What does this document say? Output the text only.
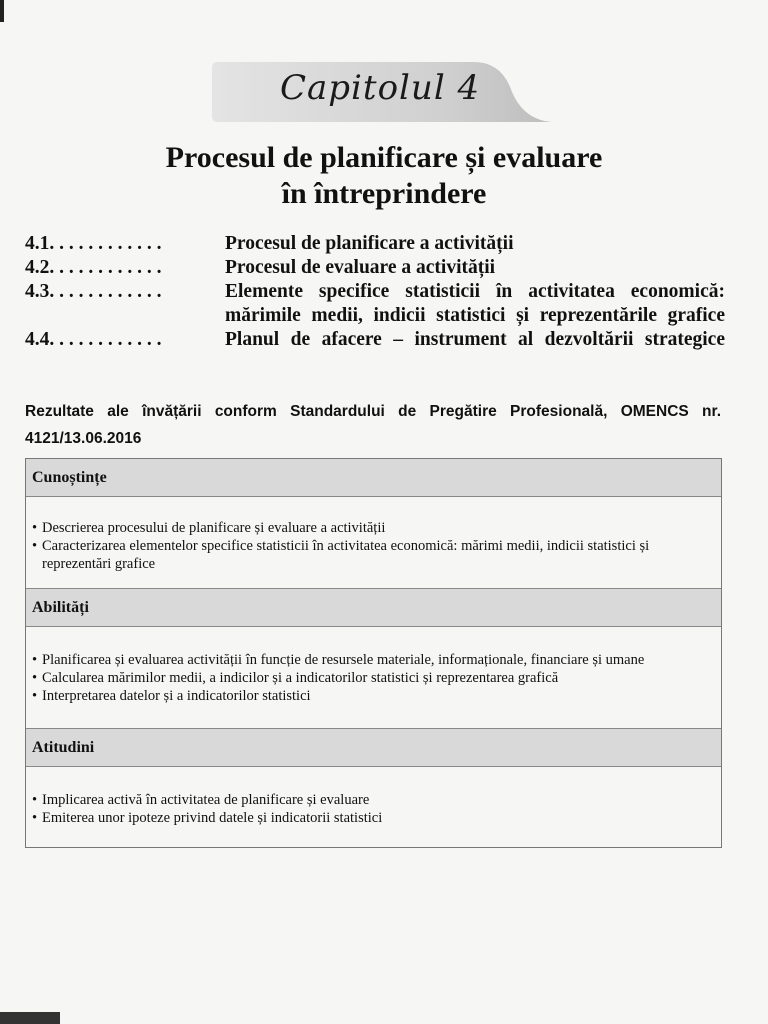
Capitolul 4
Procesul de planificare și evaluare
în întreprindere
4.1. . . . . . . . . . . .	Procesul de planificare a activității
4.2. . . . . . . . . . . .	Procesul de evaluare a activității
4.3. . . . . . . . . . . .	Elemente specifice statisticii în activitatea economică:
mărimile medii, indicii statistici și reprezentările grafice
4.4. . . . . . . . . . . .	Planul de afacere – instrument al dezvoltării strategice
Rezultate ale învățării conform Standardului de Pregătire Profesională, OMENCS nr. 4121/13.06.2016
Cunoștințe
• Descrierea procesului de planificare și evaluare a activității
• Caracterizarea elementelor specifice statisticii în activitatea economică: mărimi medii, indicii statistici și reprezentări grafice
Abilități
• Planificarea și evaluarea activității în funcție de resursele materiale, informaționale, financiare și umane
• Calcularea mărimilor medii, a indicilor și a indicatorilor statistici și reprezentarea grafică
• Interpretarea datelor și a indicatorilor statistici
Atitudini
• Implicarea activă în activitatea de planificare și evaluare
• Emiterea unor ipoteze privind datele și indicatorii statistici
